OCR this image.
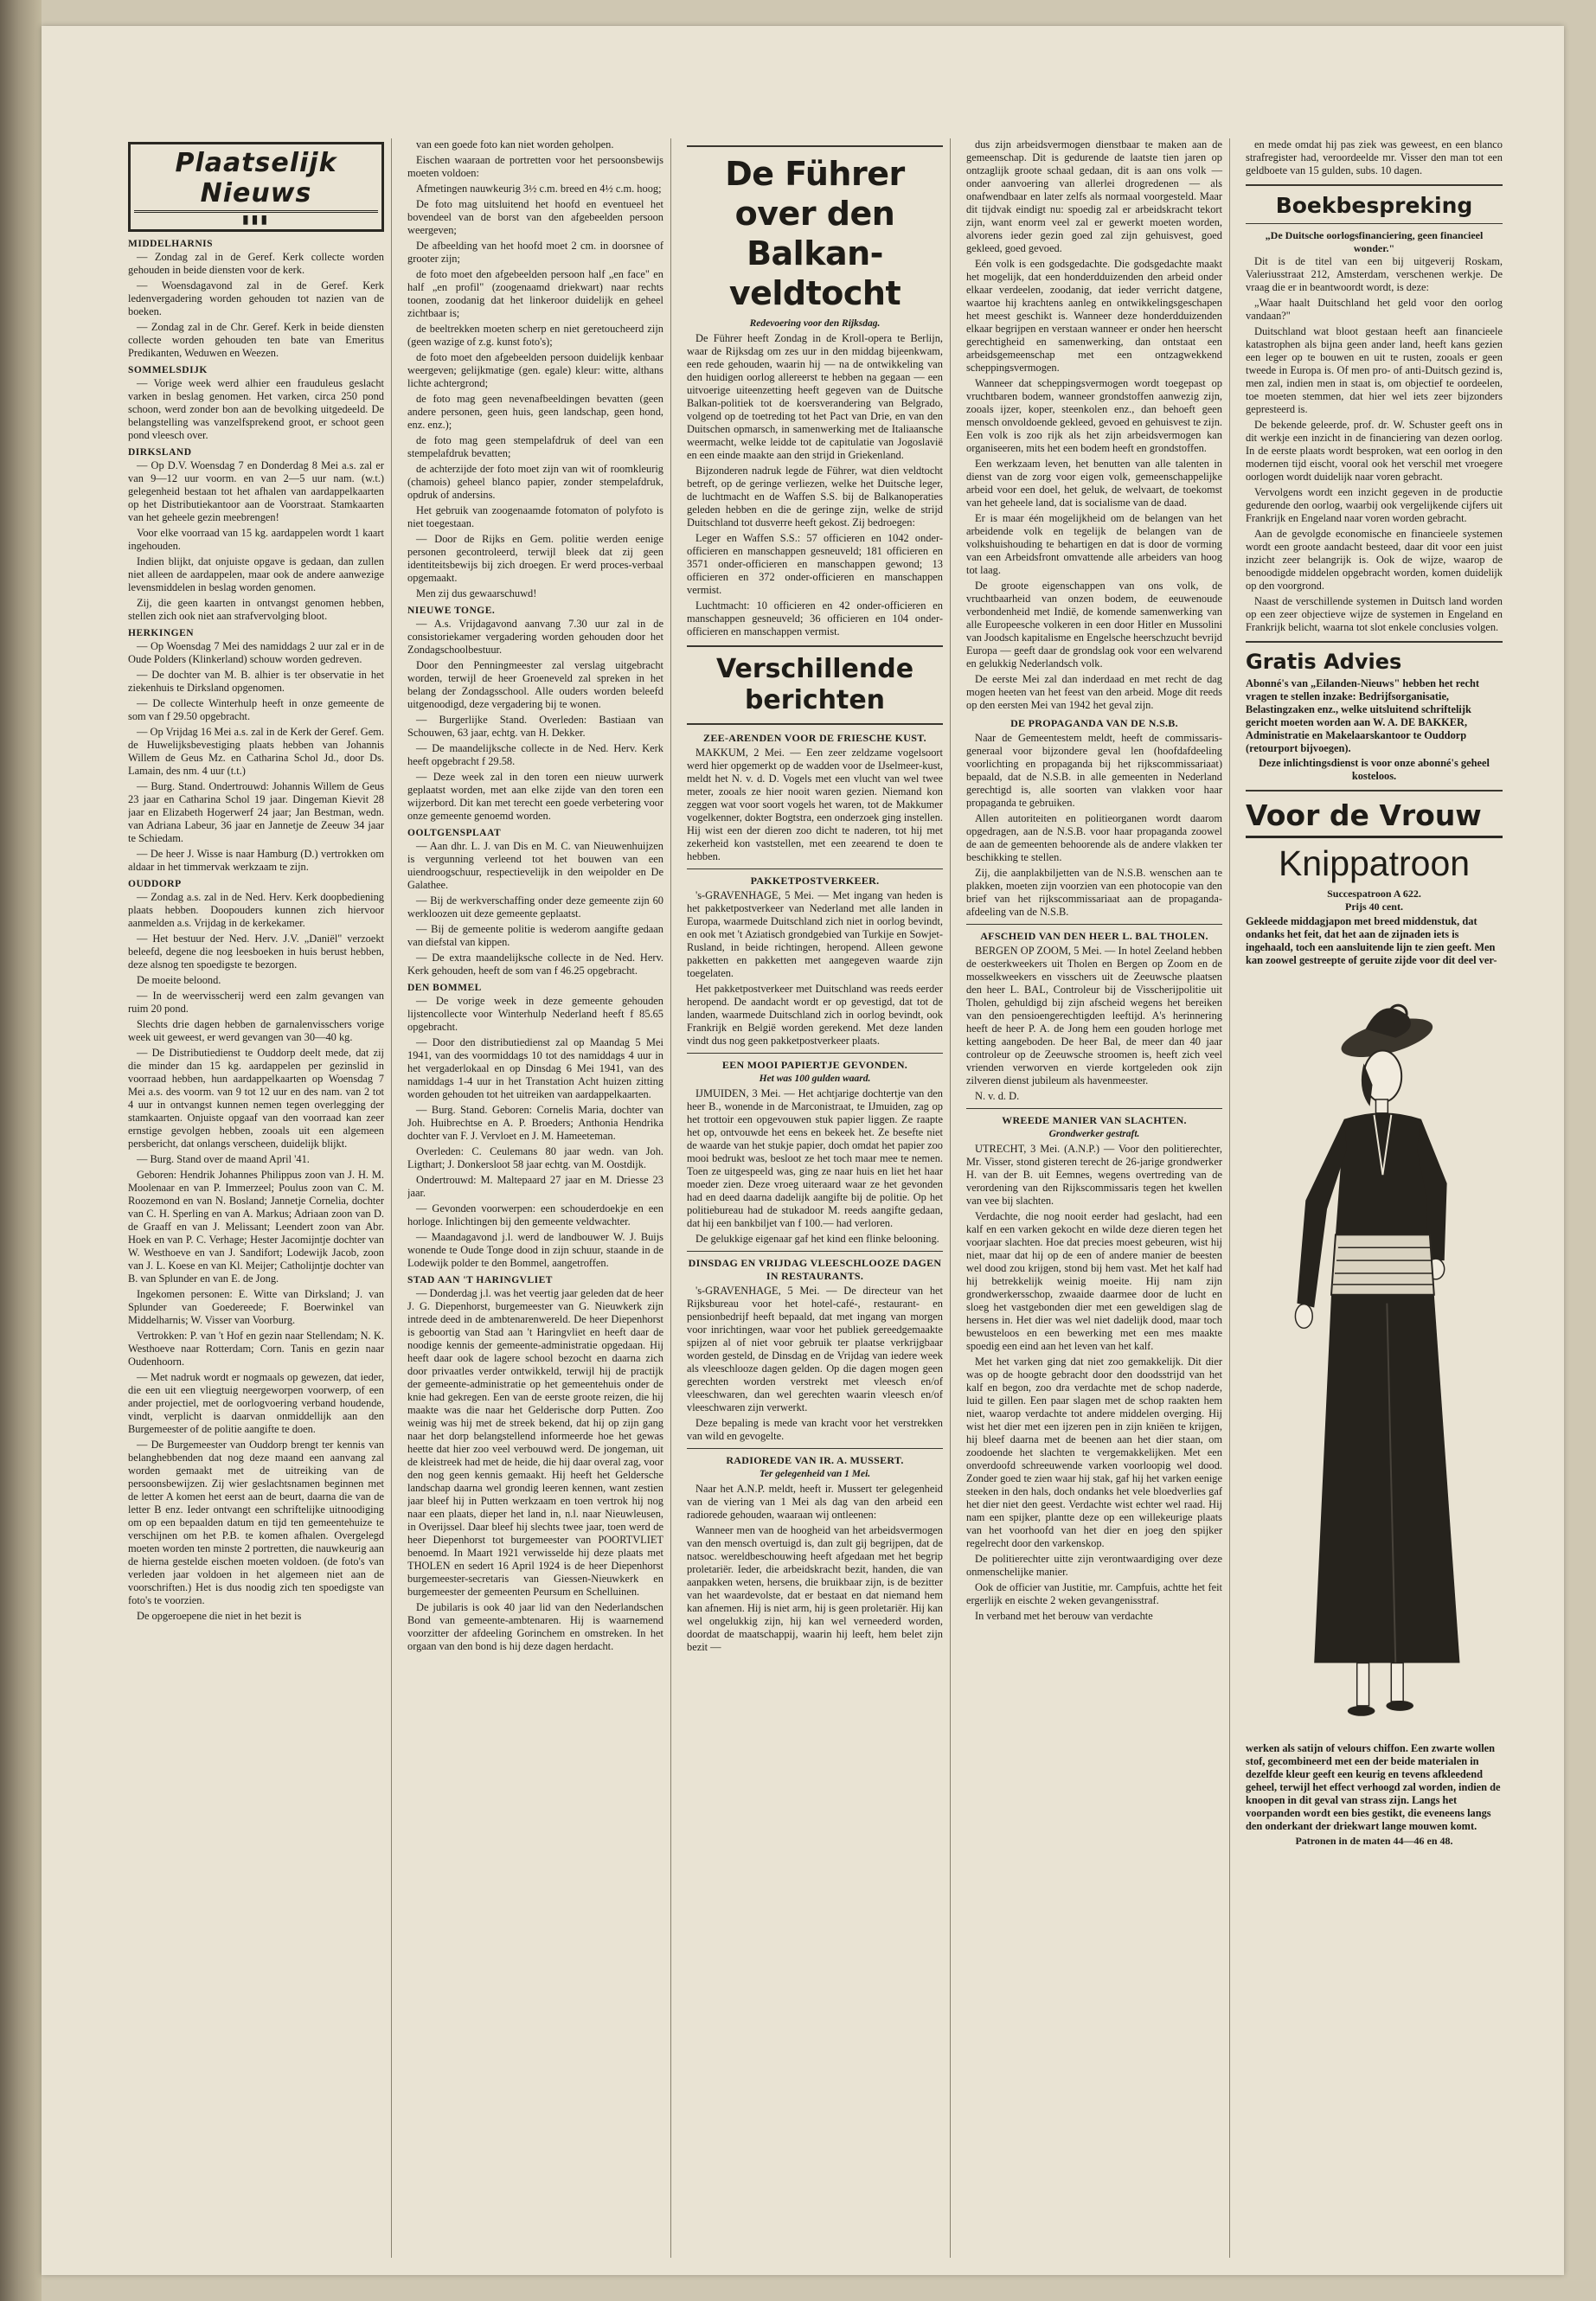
Plaatselijk Nieuws
▮▮▮
MIDDELHARNIS

— Zondag zal in de Geref. Kerk collecte worden gehouden in beide diensten voor de kerk.

— Woensdagavond zal in de Geref. Kerk ledenvergadering worden gehouden tot nazien van de boeken.

— Zondag zal in de Chr. Geref. Kerk in beide diensten collecte worden gehouden ten bate van Emeritus Predikanten, Weduwen en Weezen.

SOMMELSDIJK

— Vorige week werd alhier een frauduleus geslacht varken in beslag genomen. Het varken, circa 250 pond schoon, werd zonder bon aan de bevolking uitgedeeld. De belangstelling was vanzelfsprekend groot, er schoot geen pond vleesch over.

DIRKSLAND

— Op D.V. Woensdag 7 en Donderdag 8 Mei a.s. zal er van 9—12 uur voorm. en van 2—5 uur nam. (w.t.) gelegenheid bestaan tot het afhalen van aardappelkaarten op het Distributiekantoor aan de Voorstraat. Stamkaarten van het geheele gezin meebrengen!

Voor elke voorraad van 15 kg. aardappelen wordt 1 kaart ingehouden.

Indien blijkt, dat onjuiste opgave is gedaan, dan zullen niet alleen de aardappelen, maar ook de andere aanwezige levensmiddelen in beslag worden genomen.

Zij, die geen kaarten in ontvangst genomen hebben, stellen zich ook niet aan strafvervolging bloot.

HERKINGEN

— Op Woensdag 7 Mei des namiddags 2 uur zal er in de Oude Polders (Klinkerland) schouw worden gedreven.

— De dochter van M. B. alhier is ter observatie in het ziekenhuis te Dirksland opgenomen.

— De collecte Winterhulp heeft in onze gemeente de som van f 29.50 opgebracht.

— Op Vrijdag 16 Mei a.s. zal in de Kerk der Geref. Gem. de Huwelijksbevestiging plaats hebben van Johannis Willem de Geus Mz. en Catharina Schol Jd., door Ds. Lamain, des nm. 4 uur (t.t.)

— Burg. Stand. Ondertrouwd: Johannis Willem de Geus 23 jaar en Catharina Schol 19 jaar. Dingeman Kievit 28 jaar en Elizabeth Hogerwerf 24 jaar; Jan Bestman, wedn. van Adriana Labeur, 36 jaar en Jannetje de Zeeuw 34 jaar te Schiedam.

— De heer J. Wisse is naar Hamburg (D.) vertrokken om aldaar in het timmervak werkzaam te zijn.

OUDDORP

— Zondag a.s. zal in de Ned. Herv. Kerk doopbediening plaats hebben. Doopouders kunnen zich hiervoor aanmelden a.s. Vrijdag in de kerkekamer.

— Het bestuur der Ned. Herv. J.V. „Daniël" verzoekt beleefd, degene die nog leesboeken in huis berust hebben, deze alsnog ten spoedigste te bezorgen.

De moeite beloond.

— In de weervisscherij werd een zalm gevangen van ruim 20 pond.

Slechts drie dagen hebben de garnalenvisschers vorige week uit geweest, er werd gevangen van 30—40 kg.

— De Distributiedienst te Ouddorp deelt mede, dat zij die minder dan 15 kg. aardappelen per gezinslid in voorraad hebben, hun aardappelkaarten op Woensdag 7 Mei a.s. des voorm. van 9 tot 12 uur en des nam. van 2 tot 4 uur in ontvangst kunnen nemen tegen overlegging der stamkaarten. Onjuiste opgaaf van den voorraad kan zeer ernstige gevolgen hebben, zooals uit een algemeen persbericht, dat onlangs verscheen, duidelijk blijkt.

— Burg. Stand over de maand April '41.

Geboren: Hendrik Johannes Philippus zoon van J. H. M. Moolenaar en van P. Immerzeel; Poulus zoon van C. M. Roozemond en van N. Bosland; Jannetje Cornelia, dochter van C. H. Sperling en van A. Markus; Adriaan zoon van D. de Graaff en van J. Melissant; Leendert zoon van Abr. Hoek en van P. C. Verhage; Hester Jacomijntje dochter van W. Westhoeve en van J. Sandifort; Lodewijk Jacob, zoon van J. L. Koese en van Kl. Meijer; Catholijntje dochter van B. van Splunder en van E. de Jong.

Ingekomen personen: E. Witte van Dirksland; J. van Splunder van Goedereede; F. Boerwinkel van Middelharnis; W. Visser van Voorburg.

Vertrokken: P. van 't Hof en gezin naar Stellendam; N. K. Westhoeve naar Rotterdam; Corn. Tanis en gezin naar Oudenhoorn.

— Met nadruk wordt er nogmaals op gewezen, dat ieder, die een uit een vliegtuig neergeworpen voorwerp, of een ander projectiel, met de oorlogvoering verband houdende, vindt, verplicht is daarvan onmiddellijk aan den Burgemeester of de politie aangifte te doen.

— De Burgemeester van Ouddorp brengt ter kennis van belanghebbenden dat nog deze maand een aanvang zal worden gemaakt met de uitreiking van de persoonsbewijzen. Zij wier geslachtsnamen beginnen met de letter A komen het eerst aan de beurt, daarna die van de letter B enz. Ieder ontvangt een schriftelijke uitnoodiging om op een bepaalden datum en tijd ten gemeentehuize te verschijnen om het P.B. te komen afhalen. Overgelegd moeten worden ten minste 2 portretten, die nauwkeurig aan de hierna gestelde eischen moeten voldoen. (de foto's van verleden jaar voldoen in het algemeen niet aan de voorschriften.) Het is dus noodig zich ten spoedigste van foto's te voorzien.

De opgeroepene die niet in het bezit is

van een goede foto kan niet worden geholpen.

Eischen waaraan de portretten voor het persoonsbewijs moeten voldoen:

Afmetingen nauwkeurig 3½ c.m. breed en 4½ c.m. hoog;

De foto mag uitsluitend het hoofd en eventueel het bovendeel van de borst van den afgebeelden persoon weergeven;

De afbeelding van het hoofd moet 2 cm. in doorsnee of grooter zijn;

de foto moet den afgebeelden persoon half „en face" en half „en profil" (zoogenaamd driekwart) naar rechts toonen, zoodanig dat het linkeroor duidelijk en geheel zichtbaar is;

de beeltrekken moeten scherp en niet geretoucheerd zijn (geen wazige of z.g. kunst foto's);

de foto moet den afgebeelden persoon duidelijk kenbaar weergeven; gelijkmatige (gen. egale) kleur: witte, althans lichte achtergrond;

de foto mag geen nevenafbeeldingen bevatten (geen andere personen, geen huis, geen landschap, geen hond, enz. enz.);

de foto mag geen stempelafdruk of deel van een stempelafdruk bevatten;

de achterzijde der foto moet zijn van wit of roomkleurig (chamois) geheel blanco papier, zonder stempelafdruk, opdruk of andersins.

Het gebruik van zoogenaamde fotomaton of polyfoto is niet toegestaan.

— Door de Rijks en Gem. politie werden eenige personen gecontroleerd, terwijl bleek dat zij geen identiteitsbewijs bij zich droegen. Er werd proces-verbaal opgemaakt.

Men zij dus gewaarschuwd!

NIEUWE TONGE.

— A.s. Vrijdagavond aanvang 7.30 uur zal in de consistoriekamer vergadering worden gehouden door het Zondagschoolbestuur.

Door den Penningmeester zal verslag uitgebracht worden, terwijl de heer Groeneveld zal spreken in het belang der Zondagsschool. Alle ouders worden beleefd uitgenoodigd, deze vergadering bij te wonen.

— Burgerlijke Stand. Overleden: Bastiaan van Schouwen, 63 jaar, echtg. van H. Dekker.

— De maandelijksche collecte in de Ned. Herv. Kerk heeft opgebracht f 29.58.

— Deze week zal in den toren een nieuw uurwerk geplaatst worden, met aan elke zijde van den toren een wijzerbord. Dit kan met terecht een goede verbetering voor onze gemeente genoemd worden.

OOLTGENSPLAAT

— Aan dhr. L. J. van Dis en M. C. van Nieuwenhuijzen is vergunning verleend tot het bouwen van een uiendroogschuur, respectievelijk in den weipolder en De Galathee.

— Bij de werkverschaffing onder deze gemeente zijn 60 werkloozen uit deze gemeente geplaatst.

— Bij de gemeente politie is wederom aangifte gedaan van diefstal van kippen.

— De extra maandelijksche collecte in de Ned. Herv. Kerk gehouden, heeft de som van f 46.25 opgebracht.

DEN BOMMEL

— De vorige week in deze gemeente gehouden lijstencollecte voor Winterhulp Nederland heeft f 85.65 opgebracht.

— Door den distributiedienst zal op Maandag 5 Mei 1941, van des voormiddags 10 tot des namiddags 4 uur in het vergaderlokaal en op Dinsdag 6 Mei 1941, van des namiddags 1-4 uur in het Transtation Acht huizen zitting worden gehouden tot het uitreiken van aardappelkaarten.

— Burg. Stand. Geboren: Cornelis Maria, dochter van Joh. Huibrechtse en A. P. Broeders; Anthonia Hendrika dochter van F. J. Vervloet en J. M. Hameeteman.

Overleden: C. Ceulemans 80 jaar wedn. van Joh. Ligthart; J. Donkersloot 58 jaar echtg. van M. Oostdijk.

Ondertrouwd: M. Maltepaard 27 jaar en M. Driesse 23 jaar.

— Gevonden voorwerpen: een schouderdoekje en een horloge. Inlichtingen bij den gemeente veldwachter.

— Maandagavond j.l. werd de landbouwer W. J. Buijs wonende te Oude Tonge dood in zijn schuur, staande in de Lodewijk polder te den Bommel, aangetroffen.

STAD AAN 'T HARINGVLIET

— Donderdag j.l. was het veertig jaar geleden dat de heer J. G. Diepenhorst, burgemeester van G. Nieuwkerk zijn intrede deed in de ambtenarenwereld. De heer Diepenhorst is geboortig van Stad aan 't Haringvliet en heeft daar de noodige kennis der gemeente-administratie opgedaan. Hij heeft daar ook de lagere school bezocht en daarna zich door privaatles verder ontwikkeld, terwijl hij de practijk der gemeente-administratie op het gemeentehuis onder de knie had gekregen. Een van de eerste groote reizen, die hij maakte was die naar het Gelderische dorp Putten. Zoo weinig was hij met de streek bekend, dat hij op zijn gang naar het dorp belangstellend informeerde hoe het gewas heette dat hier zoo veel verbouwd werd. De jongeman, uit de kleistreek had met de heide, die hij daar overal zag, voor den nog geen kennis gemaakt. Hij heeft het Geldersche landschap daarna wel grondig leeren kennen, want zestien jaar bleef hij in Putten werkzaam en toen vertrok hij nog naar een plaats, dieper het land in, n.l. naar Nieuwleusen, in Overijssel. Daar bleef hij slechts twee jaar, toen werd de heer Diepenhorst tot burgemeester van POORTVLIET benoemd. In Maart 1921 verwisselde hij deze plaats met THOLEN en sedert 16 April 1924 is de heer Diepenhorst burgemeester-secretaris van Giessen-Nieuwkerk en burgemeester der gemeenten Peursum en Schelluinen.

De jubilaris is ook 40 jaar lid van den Nederlandschen Bond van gemeente-ambtenaren. Hij is waarnemend voorzitter der afdeeling Gorinchem en omstreken. In het orgaan van den bond is hij deze dagen herdacht.

De Führer over den Balkan-veldtocht
Redevoering voor den Rijksdag.

De Führer heeft Zondag in de Kroll-opera te Berlijn, waar de Rijksdag om zes uur in den middag bijeenkwam, een rede gehouden, waarin hij — na de ontwikkeling van den huidigen oorlog allereerst te hebben na gegaan — een uitvoerige uiteenzetting heeft gegeven van de Duitsche Balkan-politiek tot de koersverandering van Belgrado, volgend op de toetreding tot het Pact van Drie, en van den Duitschen opmarsch, in samenwerking met de Italiaansche weermacht, welke leidde tot de capitulatie van Jogoslavië en een einde maakte aan den strijd in Griekenland.

Bijzonderen nadruk legde de Führer, wat dien veldtocht betreft, op de geringe verliezen, welke het Duitsche leger, de luchtmacht en de Waffen S.S. bij de Balkanoperaties geleden hebben en die de geringe zijn, welke de strijd Duitschland tot dusverre heeft gekost. Zij bedroegen:

Leger en Waffen S.S.: 57 officieren en 1042 onder-officieren en manschappen gesneuveld; 181 officieren en 3571 onder-officieren en manschappen gewond; 13 officieren en 372 onder-officieren en manschappen vermist.

Luchtmacht: 10 officieren en 42 onder-officieren en manschappen gesneuveld; 36 officieren en 104 onder-officieren en manschappen vermist.

Verschillende berichten
ZEE-ARENDEN VOOR DE FRIESCHE KUST.

MAKKUM, 2 Mei. — Een zeer zeldzame vogelsoort werd hier opgemerkt op de wadden voor de IJselmeer-kust, meldt het N. v. d. D. Vogels met een vlucht van wel twee meter, zooals ze hier nooit waren gezien. Niemand kon zeggen wat voor soort vogels het waren, tot de Makkumer vogelkenner, dokter Bogtstra, een onderzoek ging instellen. Hij wist een der dieren zoo dicht te naderen, tot hij met zekerheid kon vaststellen, met een zeearend te doen te hebben.

PAKKETPOSTVERKEER.

's-GRAVENHAGE, 5 Mei. — Met ingang van heden is het pakketpostverkeer van Nederland met alle landen in Europa, waarmede Duitschland zich niet in oorlog bevindt, en ook met 't Aziatisch grondgebied van Turkije en Sowjet-Rusland, in beide richtingen, heropend. Alleen gewone pakketten en pakketten met aangegeven waarde zijn toegelaten.

Het pakketpostverkeer met Duitschland was reeds eerder heropend. De aandacht wordt er op gevestigd, dat tot de landen, waarmede Duitschland zich in oorlog bevindt, ook Frankrijk en België worden gerekend. Met deze landen vindt dus nog geen pakketpostverkeer plaats.

EEN MOOI PAPIERTJE GEVONDEN.
Het was 100 gulden waard.

IJMUIDEN, 3 Mei. — Het achtjarige dochtertje van den heer B., wonende in de Marconistraat, te IJmuiden, zag op het trottoir een opgevouwen stuk papier liggen. Ze raapte het op, ontvouwde het eens en bekeek het. Ze besefte niet de waarde van het stukje papier, doch omdat het papier zoo mooi bedrukt was, besloot ze het toch maar mee te nemen. Toen ze uitgespeeld was, ging ze naar huis en liet het haar moeder zien. Deze vroeg uiteraard waar ze het gevonden had en deed daarna dadelijk aangifte bij de politie. Op het politiebureau had de stukadoor M. reeds aangifte gedaan, dat hij een bankbiljet van f 100.— had verloren.

De gelukkige eigenaar gaf het kind een flinke belooning.

DINSDAG EN VRIJDAG VLEESCHLOOZE DAGEN IN RESTAURANTS.

's-GRAVENHAGE, 5 Mei. — De directeur van het Rijksbureau voor het hotel-café-, restaurant- en pensionbedrijf heeft bepaald, dat met ingang van morgen voor inrichtingen, waar voor het publiek gereedgemaakte spijzen al of niet voor gebruik ter plaatse verkrijgbaar worden gesteld, de Dinsdag en de Vrijdag van iedere week als vleeschlooze dagen gelden. Op die dagen mogen geen gerechten worden verstrekt met vleesch en/of vleeschwaren, dan wel gerechten waarin vleesch en/of vleeschwaren zijn verwerkt.

Deze bepaling is mede van kracht voor het verstrekken van wild en gevogelte.

RADIOREDE VAN IR. A. MUSSERT.
Ter gelegenheid van 1 Mei.

Naar het A.N.P. meldt, heeft ir. Mussert ter gelegenheid van de viering van 1 Mei als dag van den arbeid een radiorede gehouden, waaraan wij ontleenen:

Wanneer men van de hoogheid van het arbeidsvermogen van den mensch overtuigd is, dan zult gij begrijpen, dat de natsoc. wereldbeschouwing heeft afgedaan met het begrip proletariër. Ieder, die arbeidskracht bezit, handen, die van aanpakken weten, hersens, die bruikbaar zijn, is de bezitter van het waardevolste, dat er bestaat en dat niemand hem kan afnemen. Hij is niet arm, hij is geen proletariër. Hij kan wel ongelukkig zijn, hij kan wel verneederd worden, doordat de maatschappij, waarin hij leeft, hem belet zijn bezit —

dus zijn arbeidsvermogen dienstbaar te maken aan de gemeenschap. Dit is gedurende de laatste tien jaren op ontzaglijk groote schaal gedaan, dit is aan ons volk — onder aanvoering van allerlei drogredenen — als onafwendbaar en later zelfs als normaal voorgesteld. Maar dit tijdvak eindigt nu: spoedig zal er arbeidskracht tekort zijn, want enorm veel zal er gewerkt moeten worden, alvorens ieder gezin goed zal zijn gehuisvest, goed gekleed, goed gevoed.

Eén volk is een godsgedachte. Die godsgedachte maakt het mogelijk, dat een honderdduizenden den arbeid onder elkaar verdeelen, zoodanig, dat ieder verricht datgene, waartoe hij krachtens aanleg en ontwikkelingsgeschapen het meest geschikt is. Wanneer deze honderdduizenden elkaar begrijpen en verstaan wanneer er onder hen heerscht gerechtigheid en samenwerking, dan ontstaat een arbeidsgemeenschap met een ontzagwekkend scheppingsvermogen.

Wanneer dat scheppingsvermogen wordt toegepast op vruchtbaren bodem, wanneer grondstoffen aanwezig zijn, zooals ijzer, koper, steenkolen enz., dan behoeft geen mensch onvoldoende gekleed, gevoed en gehuisvest te zijn. Een volk is zoo rijk als het zijn arbeidsvermogen kan organiseeren, mits het een bodem heeft en grondstoffen.

Een werkzaam leven, het benutten van alle talenten in dienst van de zorg voor eigen volk, gemeenschappelijke arbeid voor een doel, het geluk, de welvaart, de toekomst van het geheele land, dat is socialisme van de daad.

Er is maar één mogelijkheid om de belangen van het arbeidende volk en tegelijk de belangen van de volkshuishouding te behartigen en dat is door de vorming van een Arbeidsfront omvattende alle arbeiders van hoog tot laag.

De groote eigenschappen van ons volk, de vruchtbaarheid van onzen bodem, de eeuwenoude verbondenheid met Indië, de komende samenwerking van alle Europeesche volkeren in een door Hitler en Mussolini van Joodsch kapitalisme en Engelsche heerschzucht bevrijd Europa — geeft daar de grondslag ook voor een welvarend en gelukkig Nederlandsch volk.

De eerste Mei zal dan inderdaad en met recht de dag mogen heeten van het feest van den arbeid. Moge dit reeds op den eersten Mei van 1942 het geval zijn.

DE PROPAGANDA VAN DE N.S.B.

Naar de Gemeentestem meldt, heeft de commissaris-generaal voor bijzondere geval len (hoofdafdeeling voorlichting en propaganda bij het rijkscommissariaat) bepaald, dat de N.S.B. in alle gemeenten in Nederland gerechtigd is, alle soorten van vlakken voor haar propaganda te gebruiken.

Allen autoriteiten en politieorganen wordt daarom opgedragen, aan de N.S.B. voor haar propaganda zoowel de aan de gemeenten behoorende als de andere vlakken ter beschikking te stellen.

Zij, die aanplakbiljetten van de N.S.B. wenschen aan te plakken, moeten zijn voorzien van een photocopie van den brief van het rijkscommissariaat aan de propaganda-afdeeling van de N.S.B.

AFSCHEID VAN DEN HEER L. BAL THOLEN.

BERGEN OP ZOOM, 5 Mei. — In hotel Zeeland hebben de oesterkweekers uit Tholen en Bergen op Zoom en de mosselkweekers en visschers uit de Zeeuwsche plaatsen den heer L. BAL, Controleur bij de Visscherijpolitie uit Tholen, gehuldigd bij zijn afscheid wegens het bereiken van den pensioengerechtigden leeftijd. A's herinnering heeft de heer P. A. de Jong hem een gouden horloge met ketting aangeboden. De heer Bal, de meer dan 40 jaar controleur op de Zeeuwsche stroomen is, heeft zich veel vrienden verworven en vierde kortgeleden ook zijn zilveren dienst jubileum als havenmeester.

N. v. d. D.

WREEDE MANIER VAN SLACHTEN.
Grondwerker gestraft.

UTRECHT, 3 Mei. (A.N.P.) — Voor den politierechter, Mr. Visser, stond gisteren terecht de 26-jarige grondwerker H. van der B. uit Eemnes, wegens overtreding van de verordening van den Rijkscommissaris tegen het kwellen van vee bij slachten.

Verdachte, die nog nooit eerder had geslacht, had een kalf en een varken gekocht en wilde deze dieren tegen het voorjaar slachten. Hoe dat precies moest gebeuren, wist hij niet, maar dat hij op de een of andere manier de beesten wel dood zou krijgen, stond bij hem vast. Met het kalf had hij betrekkelijk weinig moeite. Hij nam zijn grondwerkersschop, zwaaide daarmee door de lucht en sloeg het vastgebonden dier met een geweldigen slag de hersens in. Het dier was wel niet dadelijk dood, maar toch bewusteloos en een bewerking met een mes maakte spoedig een eind aan het leven van het kalf.

Met het varken ging dat niet zoo gemakkelijk. Dit dier was op de hoogte gebracht door den doodsstrijd van het kalf en begon, zoo dra verdachte met de schop naderde, luid te gillen. Een paar slagen met de schop raakten hem niet, waarop verdachte tot andere middelen overging. Hij wist het dier met een ijzeren pen in zijn kniëen te krijgen, hij bleef daarna met de beenen aan het dier staan, om zoodoende het slachten te vergemakkelijken. Met een onverdoofd schreeuwende varken voorloopig wel dood. Zonder goed te zien waar hij stak, gaf hij het varken eenige steeken in den hals, doch ondanks het vele bloedverlies gaf het dier niet den geest. Verdachte wist echter wel raad. Hij nam een spijker, plantte deze op een willekeurige plaats van het voorhoofd van het dier en joeg den spijker regelrecht door den varkenskop.

De politierechter uitte zijn verontwaardiging over deze onmenschelijke manier.

Ook de officier van Justitie, mr. Campfuis, achtte het feit ergerlijk en eischte 2 weken gevangenisstraf.

In verband met het berouw van verdachte

en mede omdat hij pas ziek was geweest, en een blanco strafregister had, veroordeelde mr. Visser den man tot een geldboete van 15 gulden, subs. 10 dagen.

Boekbespreking

„De Duitsche oorlogsfinanciering, geen financieel wonder."

Dit is de titel van een bij uitgeverij Roskam, Valeriusstraat 212, Amsterdam, verschenen werkje. De vraag die er in beantwoordt wordt, is deze:

„Waar haalt Duitschland het geld voor den oorlog vandaan?"

Duitschland wat bloot gestaan heeft aan financieele katastrophen als bijna geen ander land, heeft kans gezien een leger op te bouwen en uit te rusten, zooals er geen tweede in Europa is. Of men pro- of anti-Duitsch gezind is, men zal, indien men in staat is, om objectief te oordeelen, toe moeten stemmen, dat hier wel iets zeer bijzonders gepresteerd is.

De bekende geleerde, prof. dr. W. Schuster geeft ons in dit werkje een inzicht in de financiering van dezen oorlog. In de eerste plaats wordt besproken, wat een oorlog in den modernen tijd eischt, vooral ook het verschil met vroegere oorlogen wordt duidelijk naar voren gebracht.

Vervolgens wordt een inzicht gegeven in de productie gedurende den oorlog, waarbij ook vergelijkende cijfers uit Frankrijk en Engeland naar voren worden gebracht.

Aan de gevolgde economische en financieele systemen wordt een groote aandacht besteed, daar dit voor een juist inzicht zeer belangrijk is. Ook de wijze, waarop de benoodigde middelen opgebracht worden, komen duidelijk op den voorgrond.

Naast de verschillende systemen in Duitsch land worden op een zeer objectieve wijze de systemen in Engeland en Frankrijk belicht, waarna tot slot enkele conclusies volgen.

Gratis Advies

Abonné's van „Eilanden-Nieuws" hebben het recht vragen te stellen inzake: Bedrijfsorganisatie, Belastingzaken enz., welke uitsluitend schriftelijk gericht moeten worden aan W. A. DE BAKKER, Administratie en Makelaarskantoor te Ouddorp (retourport bijvoegen).

Deze inlichtingsdienst is voor onze abonné's geheel kosteloos.

Voor de Vrouw
Knippatroon

Succespatroon A 622.

Prijs 40 cent.

Gekleede middagjapon met breed middenstuk, dat ondanks het feit, dat het aan de zijnaden iets is ingehaald, toch een aansluitende lijn te zien geeft. Men kan zoowel gestreepte of geruite zijde voor dit deel ver-

werken als satijn of velours chiffon. Een zwarte wollen stof, gecombineerd met een der beide materialen in dezelfde kleur geeft een keurig en tevens afkleedend geheel, terwijl het effect verhoogd zal worden, indien de knoopen in dit geval van strass zijn. Langs het voorpanden wordt een bies gestikt, die eveneens langs den onderkant der driekwart lange mouwen komt.

Patronen in de maten 44—46 en 48.
